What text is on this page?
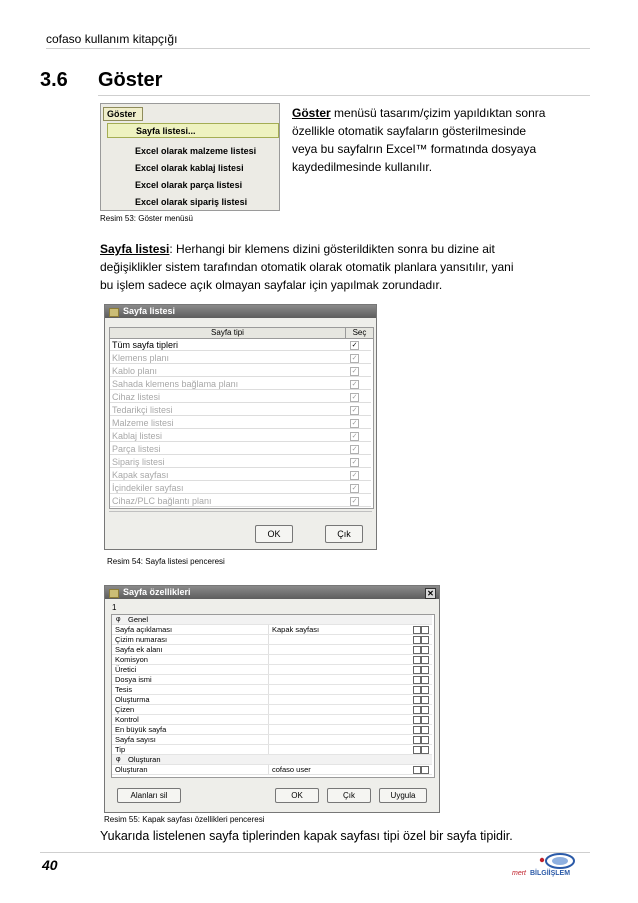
cofaso kullanım kitapçığı
3.6 Göster
Göster
Sayfa listesi...
Excel olarak malzeme listesi
Excel olarak kablaj listesi
Excel olarak parça listesi
Excel olarak sipariş listesi
Resim 53: Göster menüsü
Göster menüsü tasarım/çizim yapıldıktan sonra
özellikle otomatik sayfaların gösterilmesinde
veya bu sayfalrın Excel™ formatında dosyaya
kaydedilmesinde kullanılır.
Sayfa listesi: Herhangi bir klemens dizini gösterildikten sonra bu dizine ait
değişiklikler sistem tarafından otomatik olarak otomatik planlara yansıtılır, yani
bu işlem sadece açık olmayan sayfalar için yapılmak zorundadır.
Sayfa listesi
Sayfa tipi	Seç
Tüm sayfa tipleri	✓
Klemens planı	✓
Kablo planı	✓
Sahada klemens bağlama planı	✓
Cihaz listesi	✓
Tedarikçi listesi	✓
Malzeme listesi	✓
Kablaj listesi	✓
Parça listesi	✓
Sipariş listesi	✓
Kapak sayfası	✓
İçindekiler sayfası	✓
Cihaz/PLC bağlantı planı	✓
OK	Çık
Resim 54: Sayfa listesi penceresi
Sayfa özellikleri	✕
1
φ Genel
Sayfa açıklaması	Kapak sayfası
Çizim numarası
Sayfa ek alanı
Komisyon
Üretici
Dosya ismi
Tesis
Oluşturma
Çizen
Kontrol
En büyük sayfa
Sayfa sayısı
Tip
φ Oluşturan
Oluşturan	cofaso user
Alanları sil	OK	Çık	Uygula
Resim 55: Kapak sayfası özellikleri penceresi
Yukarıda listelenen sayfa tiplerinden kapak sayfası tipi özel bir sayfa tipidir.
40
mert BİLGİİŞLEM
